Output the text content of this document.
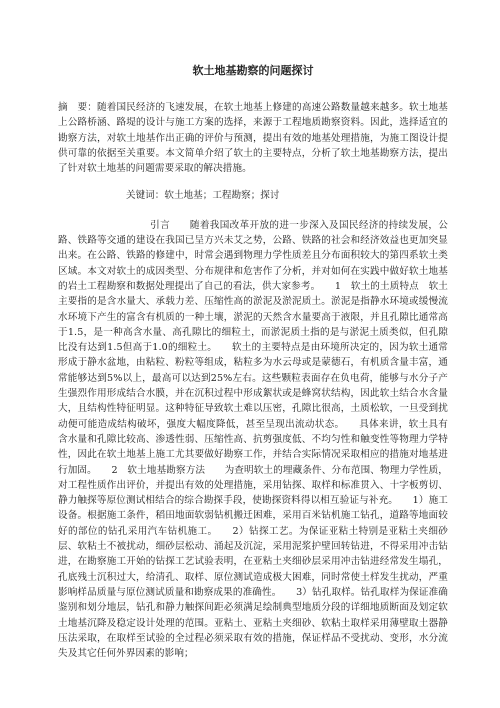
软土地基勘察的问题探讨

摘　要：随着国民经济的飞速发展，在软土地基上修建的高速公路数量越来越多。软土地基上公路桥涵、路堤的设计与施工方案的选择，来源于工程地质勘察资料。因此，选择适宜的勘察方法，对软土地基作出正确的评价与预测，提出有效的地基处理措施，为施工图设计提供可靠的依据至关重要。本文简单介绍了软土的主要特点，分析了软土地基勘察方法，提出了针对软土地基的问题需要采取的解决措施。

关键词：软土地基；工程勘察；探讨

引言　　随着我国改革开放的进一步深入及国民经济的持续发展，公路、铁路等交通的建设在我国已呈方兴未艾之势，公路、铁路的社会和经济效益也更加突显出来。在公路、铁路的修建中，时常会遇到物理力学性质差且分布面积较大的第四系软土类区域。本文对软土的成因类型、分布规律和危害作了分析，并对如何在实践中做好软土地基的岩土工程勘察和数据处理提出了自己的看法，供大家参考。　　1　软土的土质特点　软土主要指的是含水量大、承载力差、压缩性高的淤泥及淤泥质土。淤泥是指静水环境或缓慢流水环境下产生的富含有机质的一种土壤，淤泥的天然含水量要高于液限，并且孔隙比通常高于1.5，是一种高含水量、高孔隙比的细粒土，而淤泥质土指的是与淤泥土质类似，但孔隙比没有达到1.5但高于1.0的细粒土。　　软土的主要特点是由环境所决定的，因为软土通常形成于静水盆地，由粘粒、粉粒等组成，粘粒多为水云母或是蒙德石，有机质含量丰富，通常能够达到5%以上，最高可以达到25%左右。这些颗粒表面存在负电荷，能够与水分子产生强烈作用形成结合水膜，并在沉积过程中形成絮状或是蜂窝状结构，因此软土结合水含量大，且结构性特征明显。这种特征导致软土难以压密，孔隙比很高，土质松软，一旦受到扰动便可能造成结构破坏，强度大幅度降低，甚至呈现出流动状态。　　具体来讲，软土具有含水量和孔隙比较高、渗透性弱、压缩性高、抗剪强度低、不均匀性和触变性等物理力学特性，因此在软土地基上施工尤其要做好勘察工作，并结合实际情况采取相应的措施对地基进行加固。　　2　软土地基勘察方法　　为查明软土的埋藏条件、分布范围、物理力学性质，对工程性质作出评价，并提出有效的处理措施，采用钻探、取样和标准贯入、十字板剪切、静力触探等原位测试相结合的综合勘探手段，使勘探资料得以相互验证与补充。　　1）施工设备。根据施工条件，稻田地面软弱钻机搬迁困难，采用百米钻机施工钻孔，道路等地面较好的部位的钻孔采用汽车钻机施工。　　2）钻探工艺。为保证亚粘土特别是亚粘土夹细砂层、软粘土不被扰动，细砂层松动、涌起及沉淀，采用泥浆护壁回转钻进，不得采用冲击钻进，在勘察施工开始的钻探工艺试验表明，在亚粘土夹细砂层采用冲击钻进经常发生塌孔，孔底残土沉积过大，给清孔、取样、原位测试造成极大困难，同时常使土样发生扰动，严重影响样品质量与原位测试质量和勘察成果的准确性。　　3）钻孔取样。钻孔取样为保证准确鉴别和划分地层，钻孔和静力触探间距必须满足绘制典型地质分段的详细地质断面及划定软土地基沉降及稳定设计处理的范围。亚粘土、亚粘土夹细砂、软粘土取样采用薄壁取土器静压法采取，在取样至试验的全过程必须采取有效的措施，保证样品不受扰动、变形，水分流失及其它任何外界因素的影响；
